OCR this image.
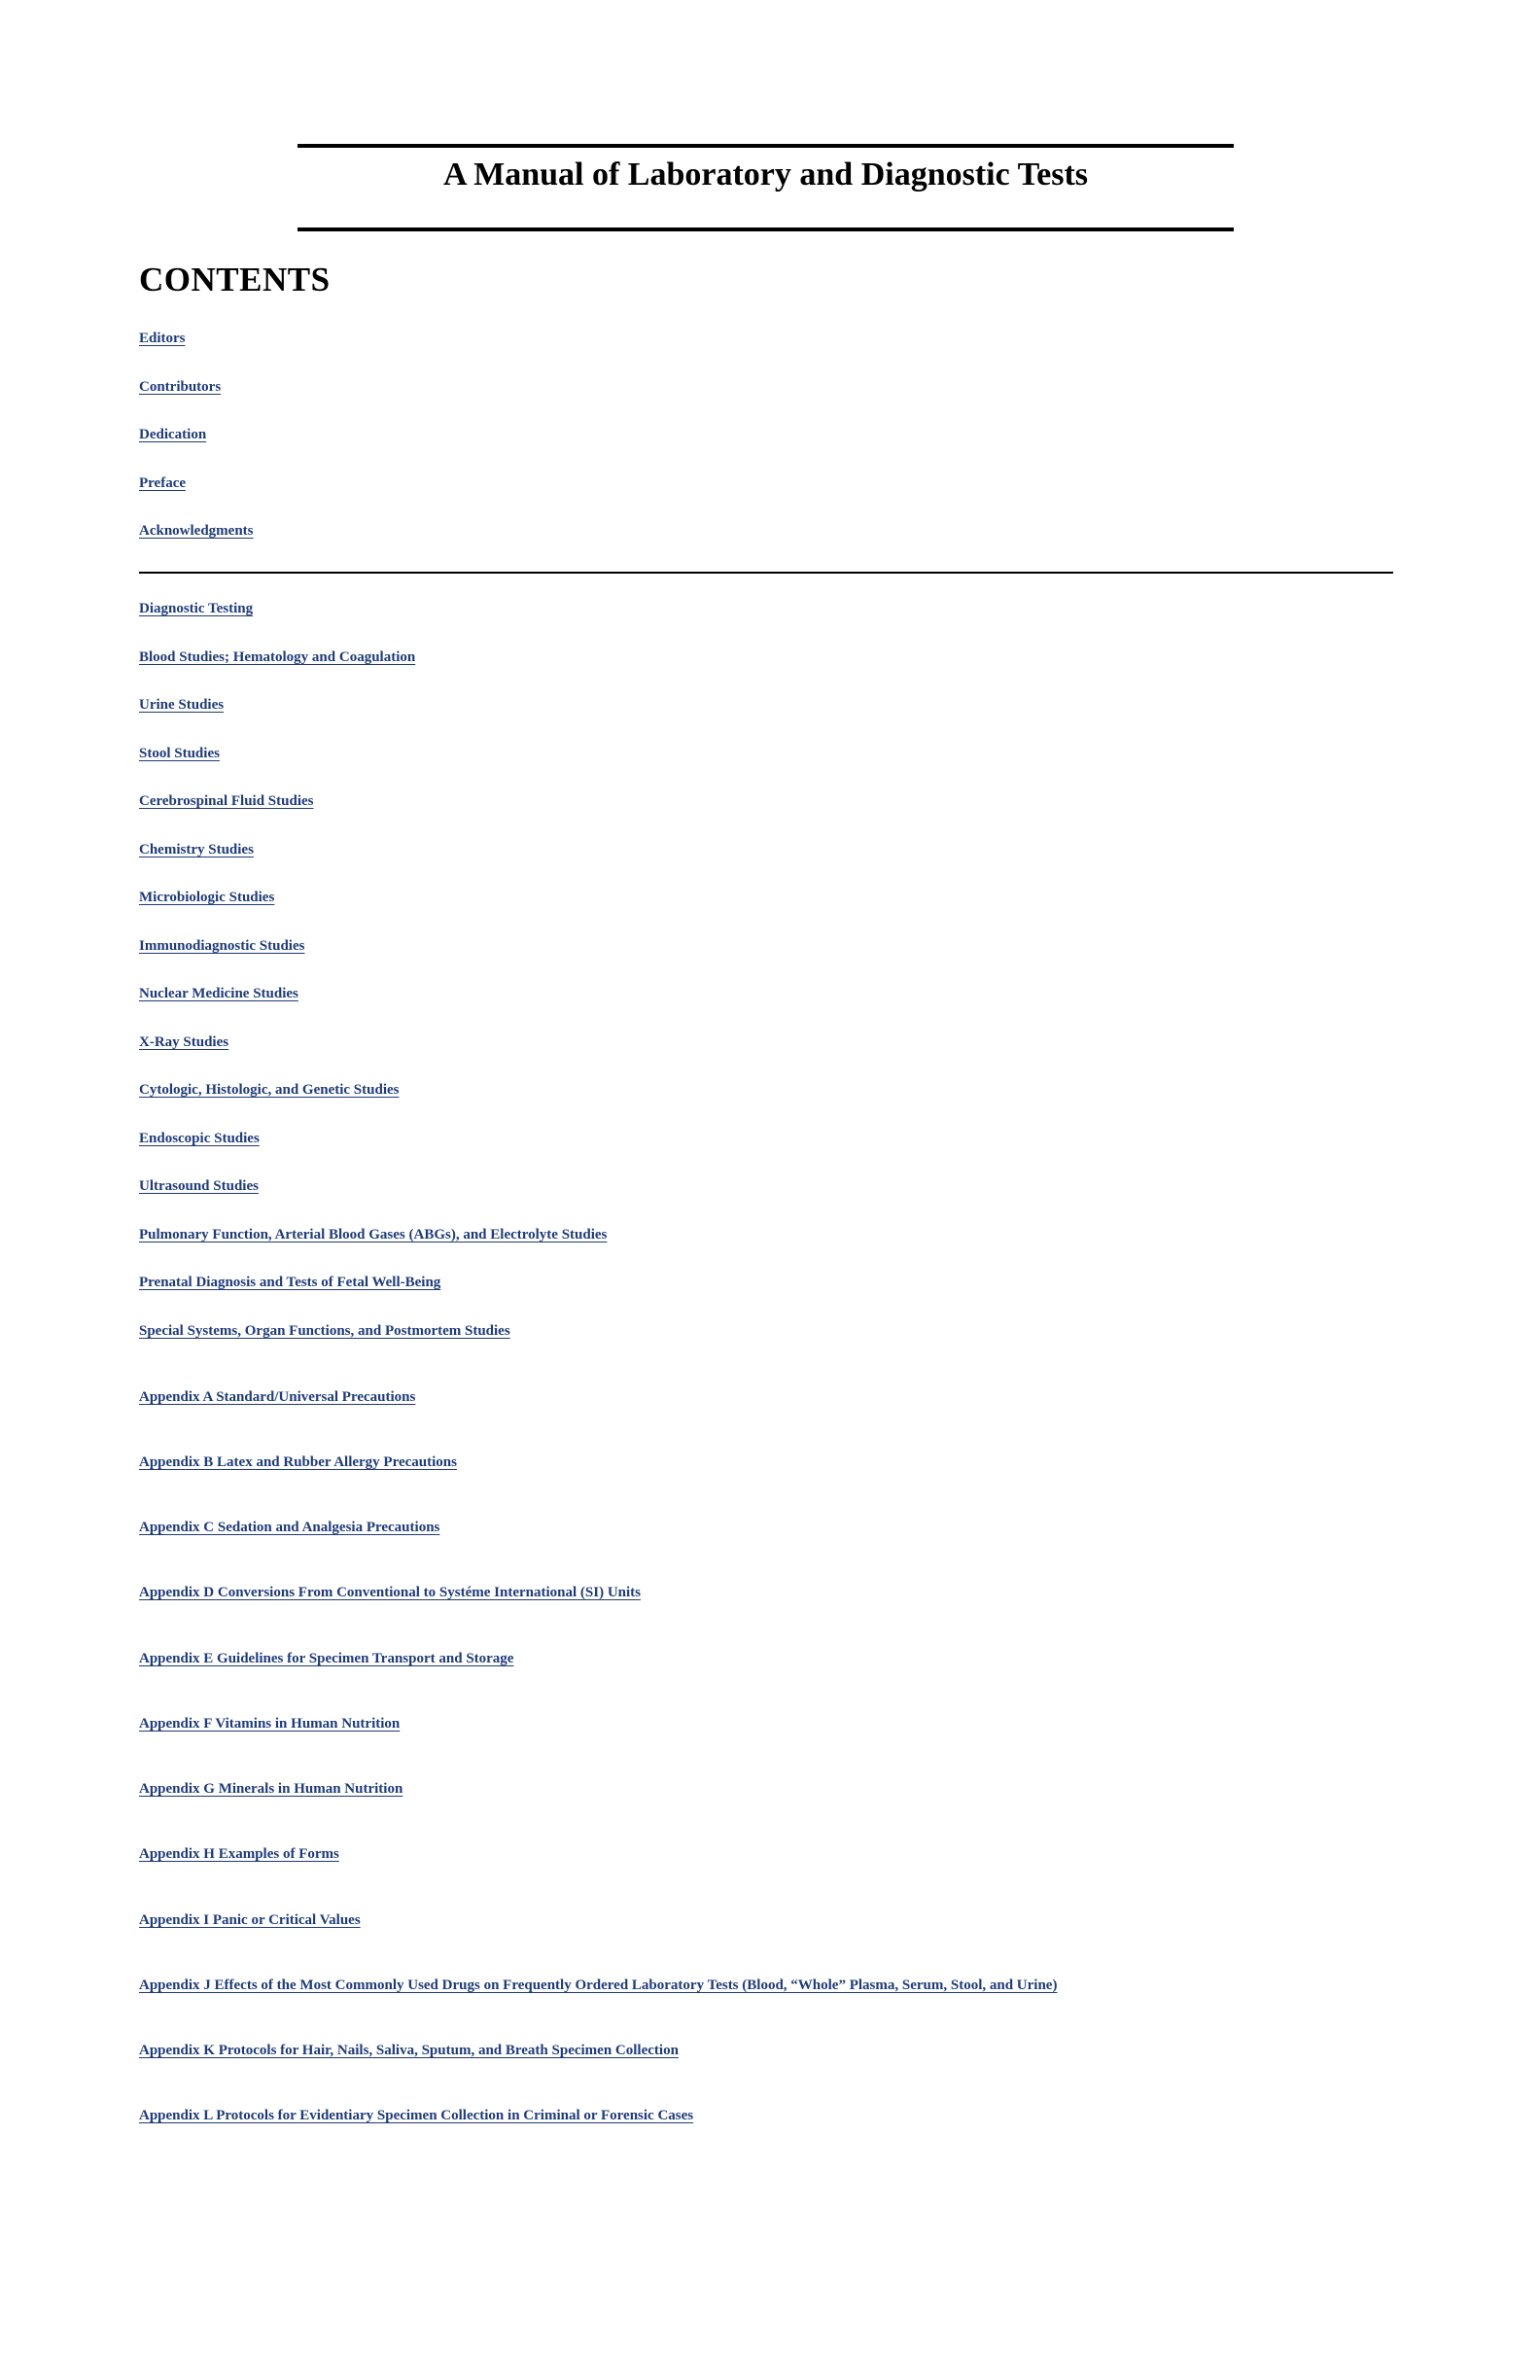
A Manual of Laboratory and Diagnostic Tests
CONTENTS
Editors
Contributors
Dedication
Preface
Acknowledgments
Diagnostic Testing
Blood Studies; Hematology and Coagulation
Urine Studies
Stool Studies
Cerebrospinal Fluid Studies
Chemistry Studies
Microbiologic Studies
Immunodiagnostic Studies
Nuclear Medicine Studies
X-Ray Studies
Cytologic, Histologic, and Genetic Studies
Endoscopic Studies
Ultrasound Studies
Pulmonary Function, Arterial Blood Gases (ABGs), and Electrolyte Studies
Prenatal Diagnosis and Tests of Fetal Well-Being
Special Systems, Organ Functions, and Postmortem Studies
Appendix A Standard/Universal Precautions
Appendix B Latex and Rubber Allergy Precautions
Appendix C Sedation and Analgesia Precautions
Appendix D Conversions From Conventional to Systéme International (SI) Units
Appendix E Guidelines for Specimen Transport and Storage
Appendix F Vitamins in Human Nutrition
Appendix G Minerals in Human Nutrition
Appendix H Examples of Forms
Appendix I Panic or Critical Values
Appendix J Effects of the Most Commonly Used Drugs on Frequently Ordered Laboratory Tests (Blood, “Whole” Plasma, Serum, Stool, and Urine)
Appendix K Protocols for Hair, Nails, Saliva, Sputum, and Breath Specimen Collection
Appendix L Protocols for Evidentiary Specimen Collection in Criminal or Forensic Cases
